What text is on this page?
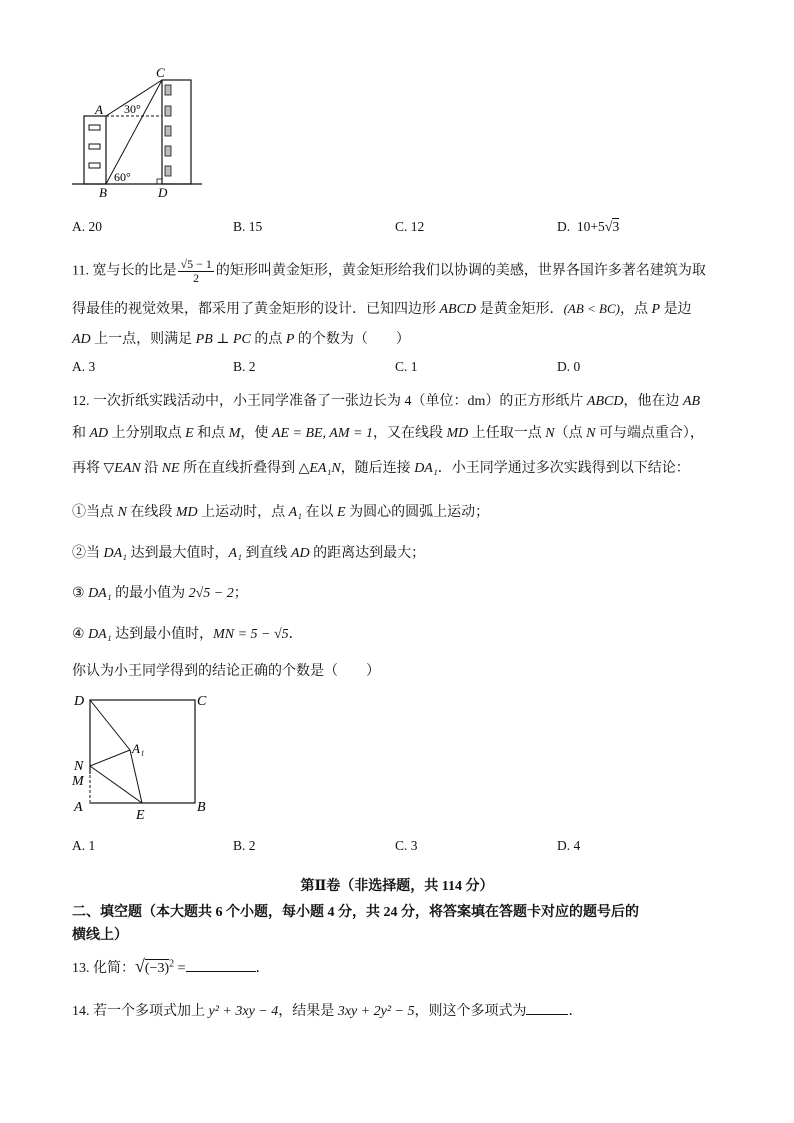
C
A
B	D
30°
60°
A. 20	B. 15	C. 12	D. 10+5√3
11. 宽与长的比是 $\frac{√5 - 1}{2}$ 的矩形叫黄金矩形，黄金矩形给我们以协调的美感，世界各国许多著名建筑为取
得最佳的视觉效果，都采用了黄金矩形的设计．已知四边形 ABCD 是黄金矩形．(AB < BC)，点 P 是边
AD 上一点，则满足 PB ⊥ PC 的点 P 的个数为（　　）
A. 3	B. 2	C. 1	D. 0
12. 一次折纸实践活动中，小王同学准备了一张边长为 4（单位：dm）的正方形纸片 ABCD，他在边 AB
和 AD 上分别取点 E 和点 M，使 AE = BE, AM = 1，又在线段 MD 上任取一点 N（点 N 可与端点重合），
再将 ▽EAN 沿 NE 所在直线折叠得到 △EA₁N，随后连接 DA₁．小王同学通过多次实践得到以下结论：
①当点 N 在线段 MD 上运动时，点 A₁ 在以 E 为圆心的圆弧上运动；
②当 DA₁ 达到最大值时，A₁ 到直线 AD 的距离达到最大；
③ DA₁ 的最小值为 2√5 − 2；
④ DA₁ 达到最小值时，MN = 5 − √5．
你认为小王同学得到的结论正确的个数是（　　）
D	C
A₁
N
M
A
E
B
A. 1	B. 2	C. 3	D. 4
第Ⅱ卷（非选择题，共 114 分）
二、填空题（本大题共 6 个小题，每小题 4 分，共 24 分，将答案填在答题卡对应的题号后的
横线上）
13. 化简：$√(-3)^2$ =	．
14. 若一个多项式加上 y² + 3xy − 4，结果是 3xy + 2y² − 5，则这个多项式为	．
